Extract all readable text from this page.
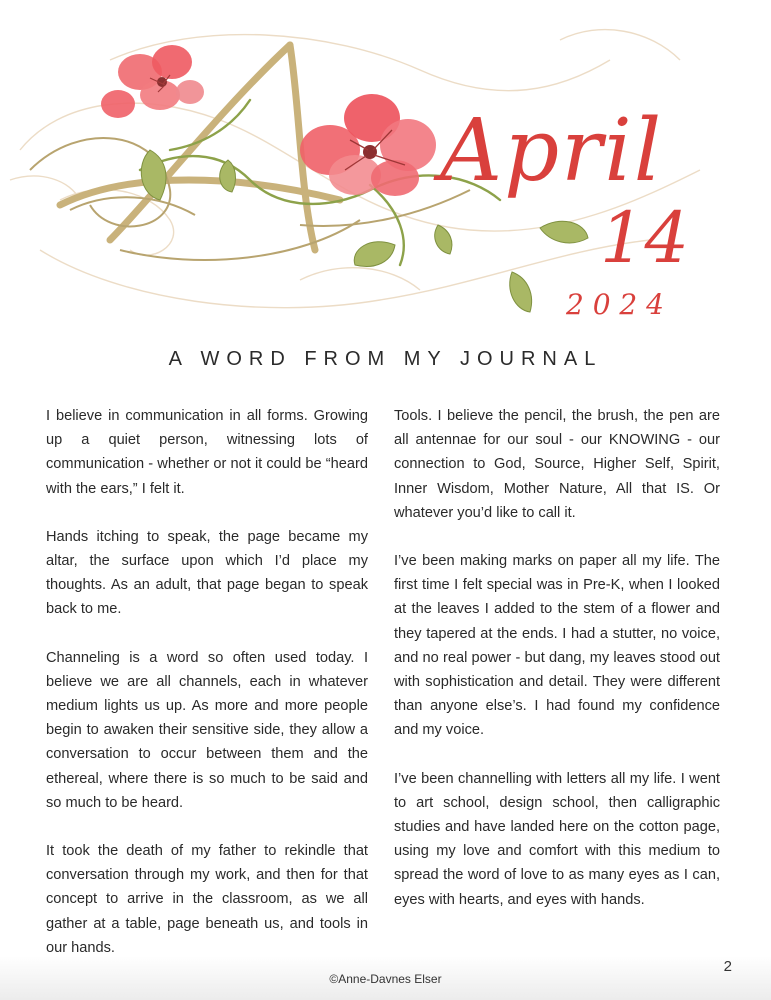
April
14
2 0 2 4
A WORD FROM MY JOURNAL

I believe in communication in all forms. Growing up a quiet person, witnessing lots of communication - whether or not it could be “heard with the ears,” I felt it.

Hands itching to speak, the page became my altar, the surface upon which I’d place my thoughts. As an adult, that page began to speak back to me.

Channeling is a word so often used today. I believe we are all channels, each in whatever medium lights us up. As more and more people begin to awaken their sensitive side, they allow a conversation to occur between them and the ethereal, where there is so much to be said and so much to be heard.

It took the death of my father to rekindle that conversation through my work, and then for that concept to arrive in the classroom, as we all gather at a table, page beneath us, and tools in our hands.

Tools. I believe the pencil, the brush, the pen are all antennae for our soul - our KNOWING - our connection to God, Source, Higher Self, Spirit, Inner Wisdom, Mother Nature, All that IS. Or whatever you’d like to call it.

I’ve been making marks on paper all my life. The first time I felt special was in Pre-K, when I looked at the leaves I added to the stem of a flower and they tapered at the ends. I had a stutter, no voice, and no real power - but dang, my leaves stood out with sophistication and detail. They were different than anyone else’s. I had found my confidence and my voice.

I’ve been channelling with letters all my life. I went to art school, design school, then calligraphic studies and have landed here on the cotton page, using my love and comfort with this medium to spread the word of love to as many eyes as I can, eyes with hearts, and eyes with hands.

©Anne-Davnes Elser
2
